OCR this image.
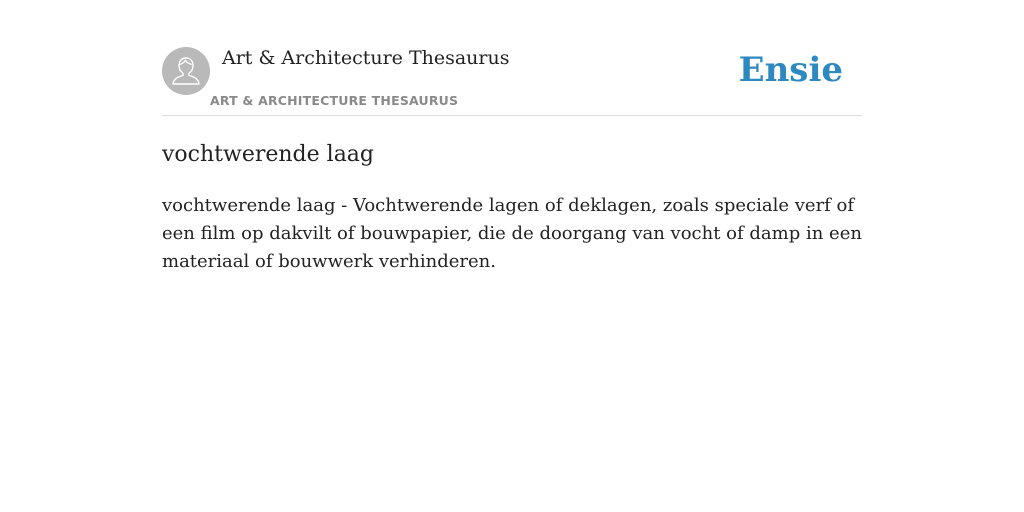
Art & Architecture Thesaurus
ART & ARCHITECTURE THESAURUS
Ensie
vochtwerende laag

vochtwerende laag - Vochtwerende lagen of deklagen, zoals speciale verf of een film op dakvilt of bouwpapier, die de doorgang van vocht of damp in een materiaal of bouwwerk verhinderen.
